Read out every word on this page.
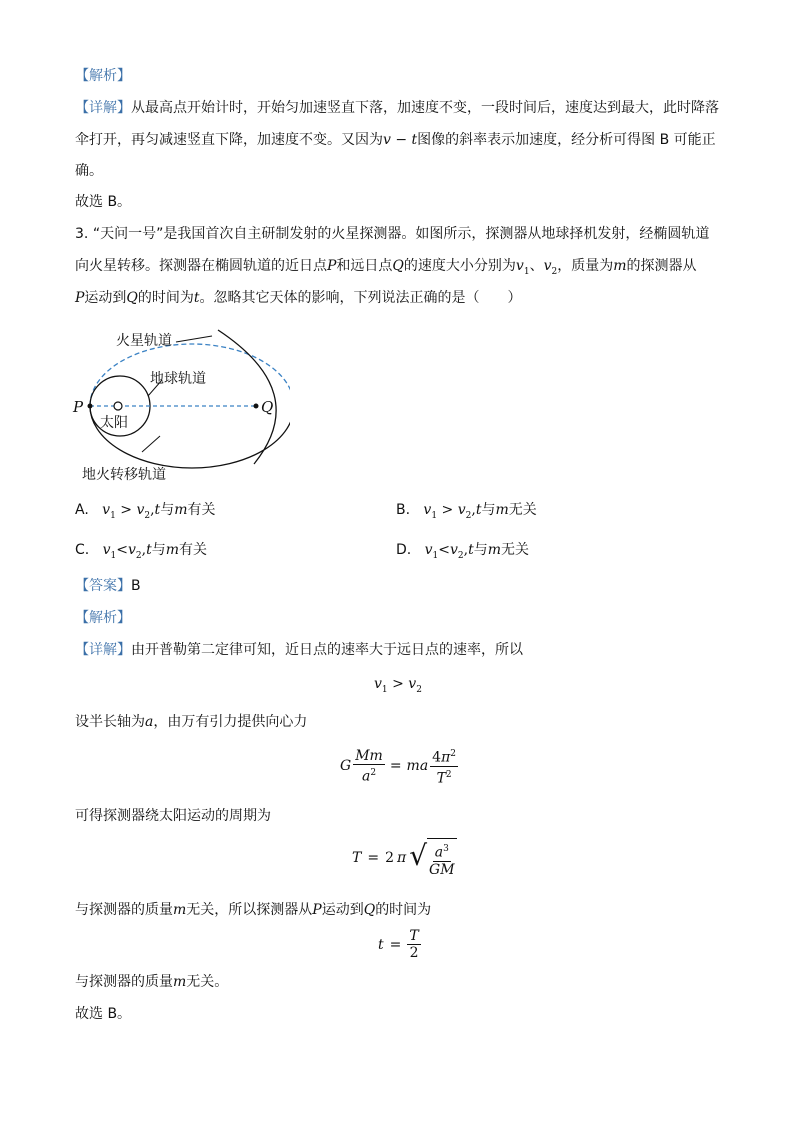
【解析】
【详解】从最高点开始计时，开始匀加速竖直下落，加速度不变，一段时间后，速度达到最大，此时降落
伞打开，再匀减速竖直下降，加速度不变。又因为v − t图像的斜率表示加速度，经分析可得图 B 可能正
确。
故选 B。
3. “天问一号”是我国首次自主研制发射的火星探测器。如图所示，探测器从地球择机发射，经椭圆轨道
向火星转移。探测器在椭圆轨道的近日点P和远日点Q的速度大小分别为$v_1$、$v_2$，质量为m的探测器从
P运动到Q的时间为t。忽略其它天体的影响，下列说法正确的是（　　）
火星轨道
地球轨道
太阳
地火转移轨道
P	Q
A. $v_1 > v_2,t$与m有关	B. $v_1 > v_2,t$与m无关
C. $v_1<v_2,t$与m有关	D. $v_1<v_2,t$与m无关
【答案】B
【解析】
【详解】由开普勒第二定律可知，近日点的速率大于远日点的速率，所以
$v_1 > v_2$
设半长轴为a，由万有引力提供向心力
G $\frac{Mm}{a^2}$ = ma $\frac{4\pi^2}{T^2}$
可得探测器绕太阳运动的周期为
T = 2 π √ $\frac{a^3}{GM}$
与探测器的质量m无关，所以探测器从P运动到Q的时间为
$t = \frac{T}{2}$
与探测器的质量m无关。
故选 B。
